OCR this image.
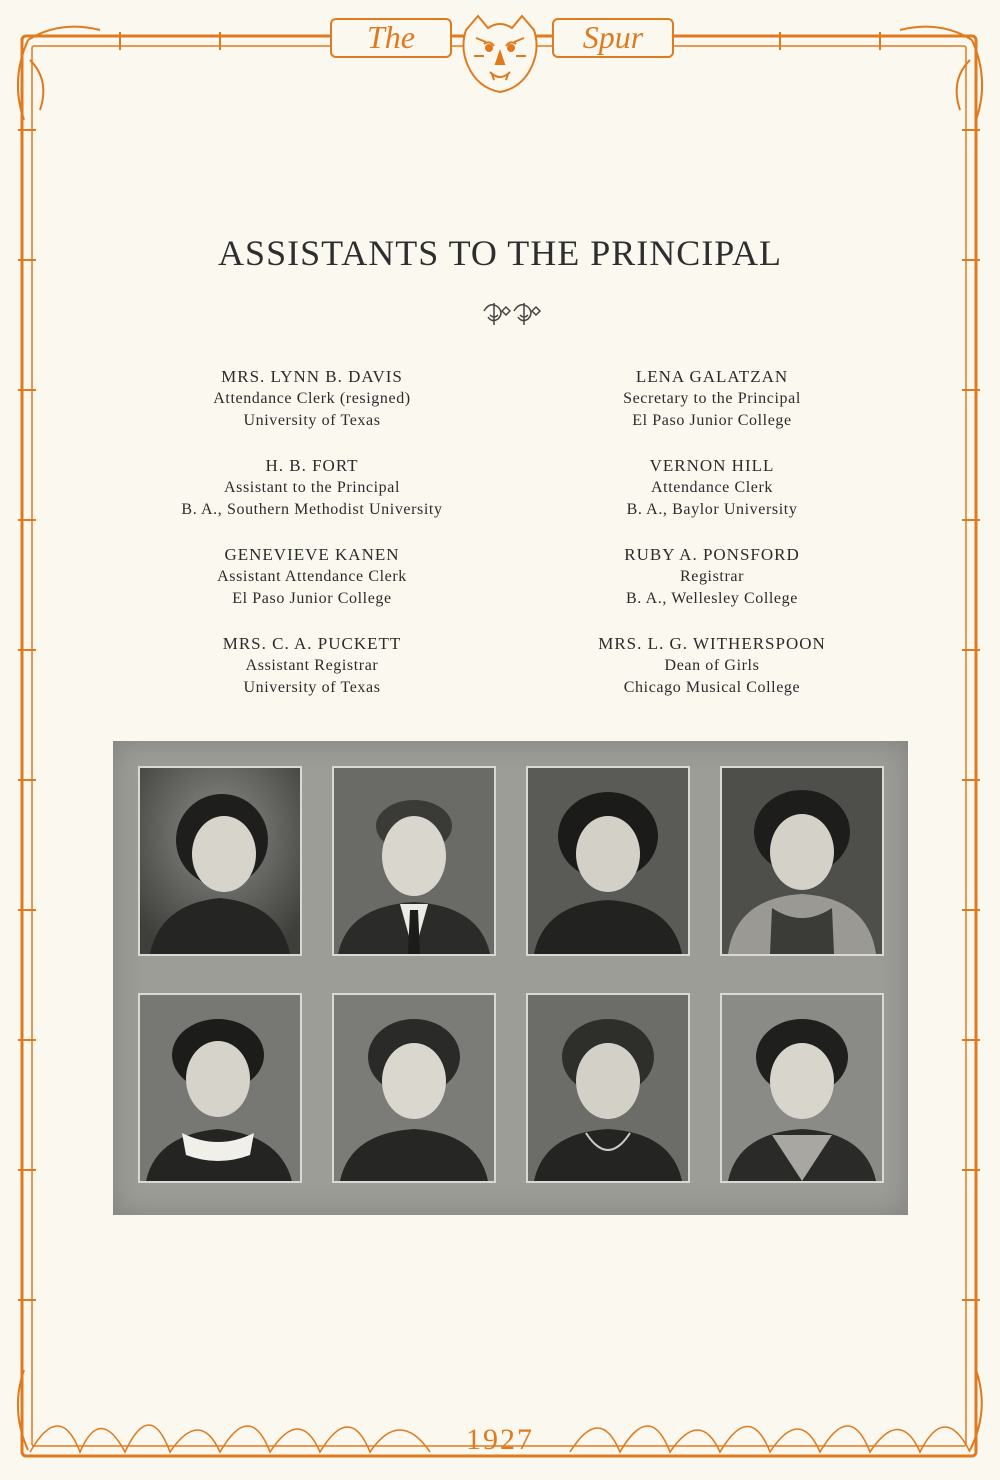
The	Spur
ASSISTANTS TO THE PRINCIPAL
MRS. LYNN B. DAVIS
Attendance Clerk (resigned)
University of Texas
H. B. FORT
Assistant to the Principal
B. A., Southern Methodist University
GENEVIEVE KANEN
Assistant Attendance Clerk
El Paso Junior College
MRS. C. A. PUCKETT
Assistant Registrar
University of Texas
LENA GALATZAN
Secretary to the Principal
El Paso Junior College
VERNON HILL
Attendance Clerk
B. A., Baylor University
RUBY A. PONSFORD
Registrar
B. A., Wellesley College
MRS. L. G. WITHERSPOON
Dean of Girls
Chicago Musical College
1927
